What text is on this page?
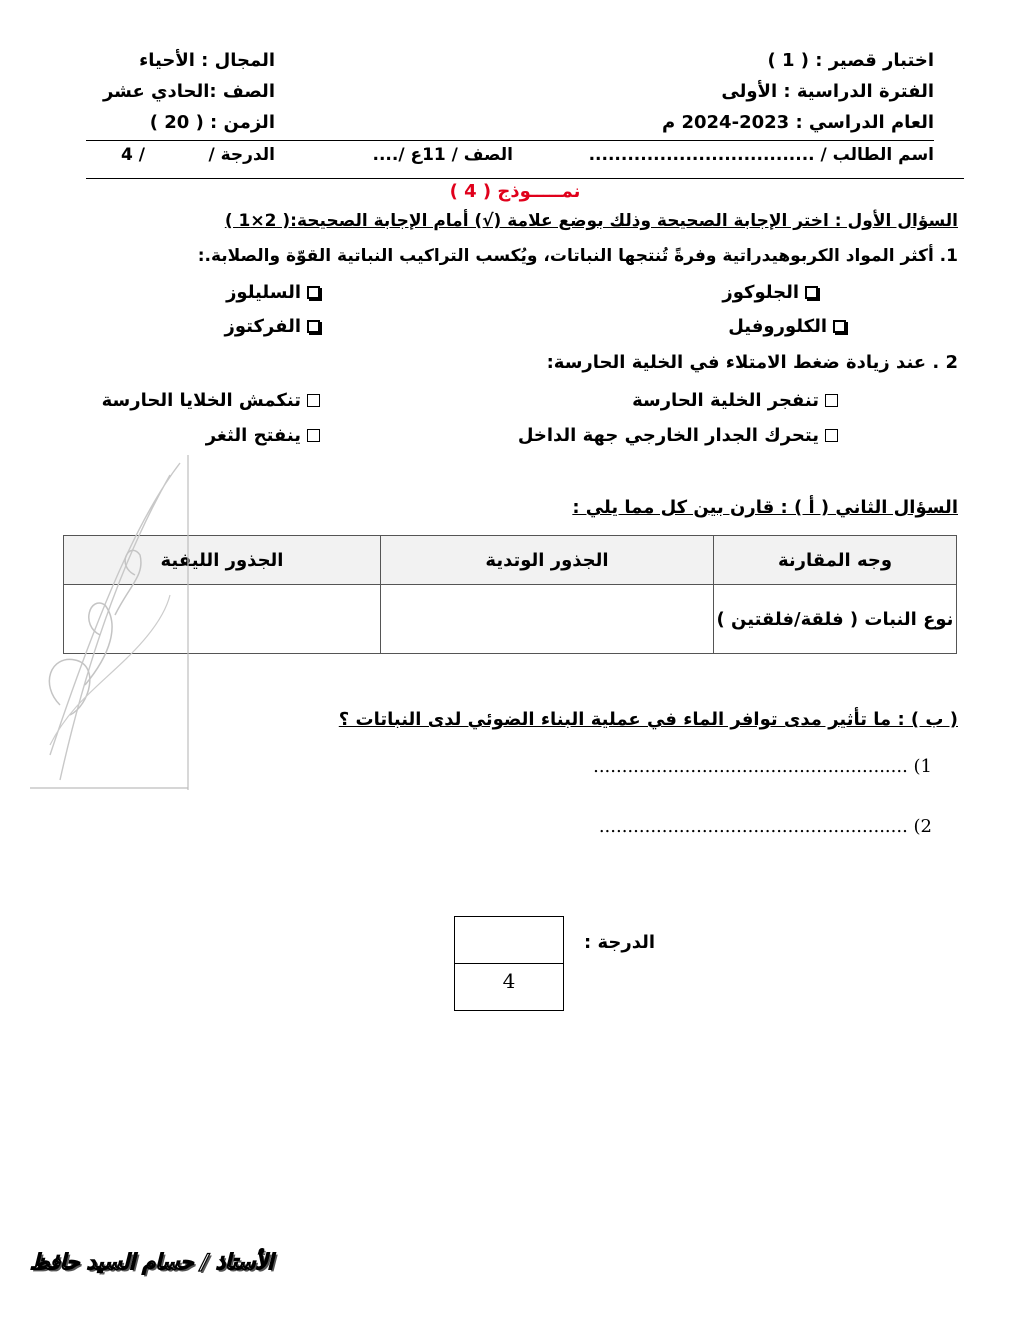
اختبار قصير : ( 1 )
الفترة الدراسية : الأولى
العام الدراسي : 2023-2024 م
المجال : الأحياء
الصف :الحادي عشر
الزمن : ( 20 )
اسم الطالب / ...................................
الصف / 11ع /....
الدرجة /
/ 4
نمـــــوذج ( 4 )
السؤال الأول : اختر الإجابة الصحيحة وذلك بوضع علامة (√) أمام الإجابة الصحيحة:( 2×1 )
1. أكثر المواد الكربوهيدراتية وفرةً تُنتجها النباتات، ويُكسب التراكيب النباتية القوّة والصلابة.:
الجلوكوز
السليلوز
الكلوروفيل
الفركتوز
2 . عند زيادة ضغط الامتلاء في الخلية الحارسة:
تنفجر الخلية الحارسة
تنكمش الخلايا الحارسة
يتحرك الجدار الخارجي جهة الداخل
ينفتح الثغر
السؤال الثاني ( أ ) : قارن بين كل مما يلي :
وجه المقارنة	الجذور الوتدية	الجذور الليفية
نوع النبات ( فلقة/فلقتين )		
( ب ) : ما تأثير مدى توافر الماء في عملية البناء الضوئي لدى النباتات ؟
1) .......................................................
2) ......................................................
الدرجة :
4
الأستاذ / حسام السيد حافظ
